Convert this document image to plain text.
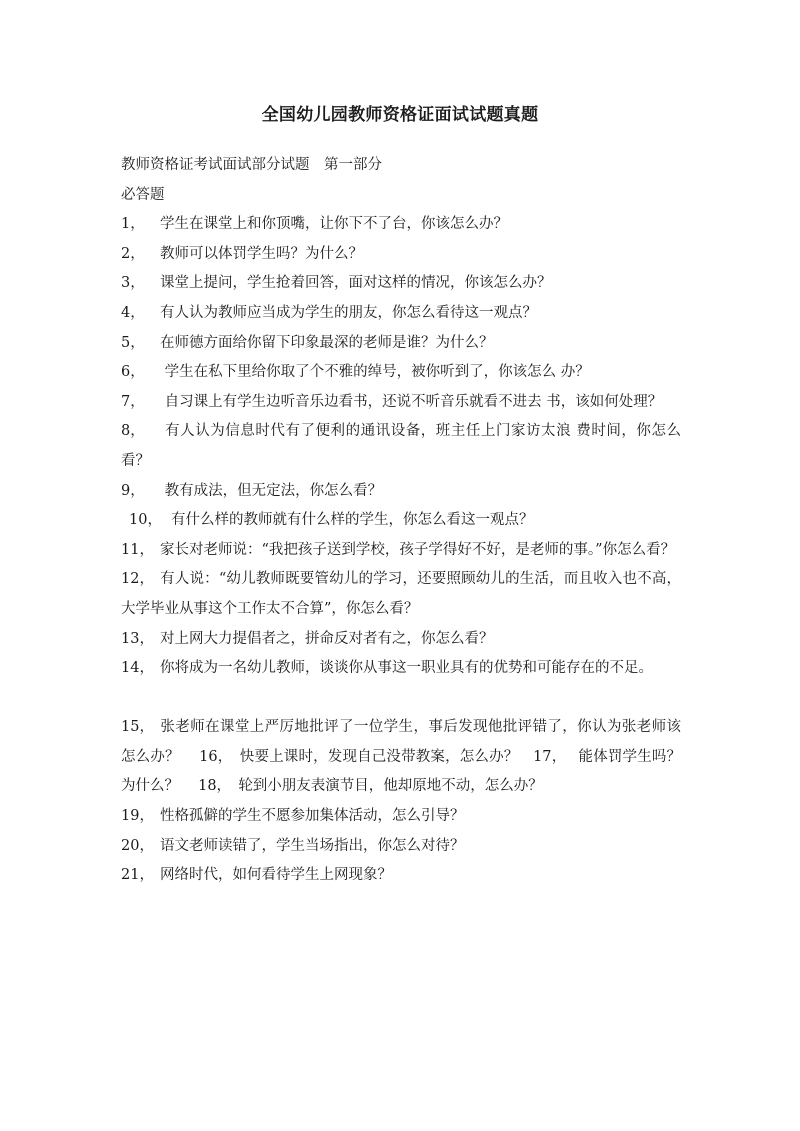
全国幼儿园教师资格证面试试题真题
教师资格证考试面试部分试题　第一部分
必答题
1， 学生在课堂上和你顶嘴，让你下不了台，你该怎么办？
2， 教师可以体罚学生吗？为什么？
3， 课堂上提问，学生抢着回答，面对这样的情况，你该怎么办？
4， 有人认为教师应当成为学生的朋友，你怎么看待这一观点？
5， 在师德方面给你留下印象最深的老师是谁？为什么？
6， 学生在私下里给你取了个不雅的绰号，被你听到了，你该怎么 办？
7， 自习课上有学生边听音乐边看书，还说不听音乐就看不进去 书，该如何处理？
8， 有人认为信息时代有了便利的通讯设备，班主任上门家访太浪 费时间，你怎么看？
9， 教有成法，但无定法，你怎么看？
10， 有什么样的教师就有什么样的学生，你怎么看这一观点？
11， 家长对老师说：“我把孩子送到学校，孩子学得好不好，是老师的事。”你怎么看？
12， 有人说：“幼儿教师既要管幼儿的学习，还要照顾幼儿的生活，而且收入也不高，大学毕业从事这个工作太不合算”，你怎么看？
13， 对上网大力提倡者之，拼命反对者有之，你怎么看？
14， 你将成为一名幼儿教师，谈谈你从事这一职业具有的优势和可能存在的不足。
15， 张老师在课堂上严厉地批评了一位学生，事后发现他批评错了，你认为张老师该怎么办？　 16，　 快要上课时，发现自己没带教案，怎么办？　 17，　 能体罚学生吗？为什么？　 18，　 轮到小朋友表演节目，他却原地不动，怎么办？
19， 性格孤僻的学生不愿参加集体活动，怎么引导？
20， 语文老师读错了，学生当场指出，你怎么对待？
21， 网络时代，如何看待学生上网现象？
